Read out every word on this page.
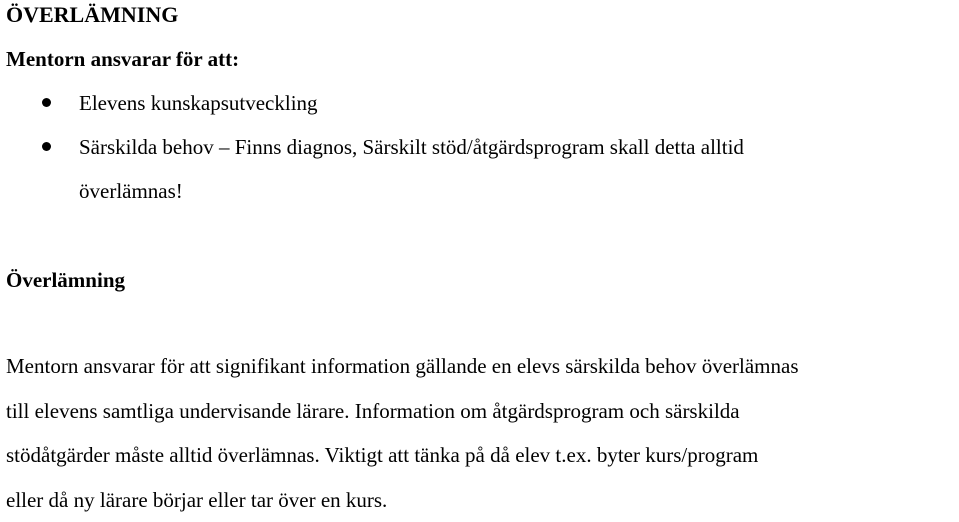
ÖVERLÄMNING
Mentorn ansvarar för att:
Elevens kunskapsutveckling
Särskilda behov – Finns diagnos, Särskilt stöd/åtgärdsprogram skall detta alltid
överlämnas!
Överlämning

Mentorn ansvarar för att signifikant information gällande en elevs särskilda behov överlämnas
till elevens samtliga undervisande lärare. Information om åtgärdsprogram och särskilda
stödåtgärder måste alltid överlämnas. Viktigt att tänka på då elev t.ex. byter kurs/program
eller då ny lärare börjar eller tar över en kurs.
